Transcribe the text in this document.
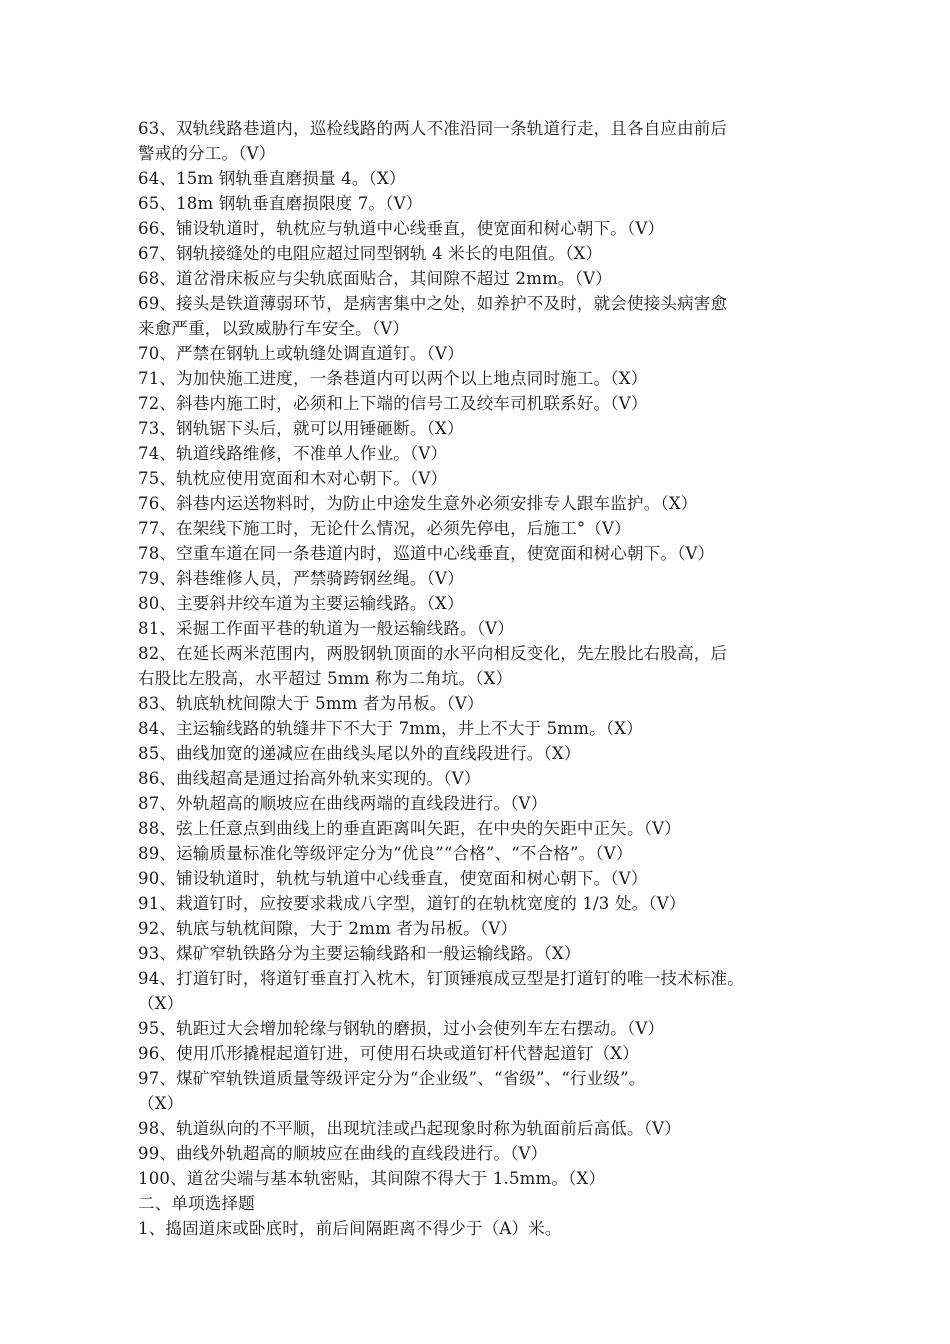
63、双轨线路巷道内，巡检线路的两人不准沿同一条轨道行走，且各自应由前后
警戒的分工。（V）
64、15m 钢轨垂直磨损量 4。（X）
65、18m 钢轨垂直磨损限度 7。（V）
66、铺设轨道时，轨枕应与轨道中心线垂直，使宽面和树心朝下。（V）
67、钢轨接缝处的电阻应超过同型钢轨 4 米长的电阻值。（X）
68、道岔滑床板应与尖轨底面贴合，其间隙不超过 2mm。（V）
69、接头是铁道薄弱环节，是病害集中之处，如养护不及时，就会使接头病害愈
来愈严重，以致威胁行车安全。（V）
70、严禁在钢轨上或轨缝处调直道钉。（V）
71、为加快施工进度，一条巷道内可以两个以上地点同时施工。（X）
72、斜巷内施工时，必须和上下端的信号工及绞车司机联系好。（V）
73、钢轨锯下头后，就可以用锤砸断。（X）
74、轨道线路维修，不准单人作业。（V）
75、轨枕应使用宽面和木对心朝下。（V）
76、斜巷内运送物料时，为防止中途发生意外必须安排专人跟车监护。（X）
77、在架线下施工时，无论什么情况，必须先停电，后施工°（V）
78、空重车道在同一条巷道内时，巡道中心线垂直，使宽面和树心朝下。（V）
79、斜巷维修人员，严禁骑跨钢丝绳。（V）
80、主要斜井绞车道为主要运输线路。（X）
81、采掘工作面平巷的轨道为一般运输线路。（V）
82、在延长两米范围内，两股钢轨顶面的水平向相反变化，先左股比右股高，后
右股比左股高，水平超过 5mm 称为二角坑。（X）
83、轨底轨枕间隙大于 5mm 者为吊板。（V）
84、主运输线路的轨缝井下不大于 7mm，井上不大于 5mm。（X）
85、曲线加宽的递减应在曲线头尾以外的直线段进行。（X）
86、曲线超高是通过抬高外轨来实现的。（V）
87、外轨超高的顺坡应在曲线两端的直线段进行。（V）
88、弦上任意点到曲线上的垂直距离叫矢距，在中央的矢距中正矢。（V）
89、运输质量标准化等级评定分为“优良”“合格”、“不合格”。（V）
90、铺设轨道时，轨枕与轨道中心线垂直，使宽面和树心朝下。（V）
91、栽道钉时，应按要求栽成八字型，道钉的在轨枕宽度的 1/3 处。（V）
92、轨底与轨枕间隙，大于 2mm 者为吊板。（V）
93、煤矿窄轨铁路分为主要运输线路和一般运输线路。（X）
94、打道钉时，将道钉垂直打入枕木，钉顶锤痕成豆型是打道钉的唯一技术标准。
（X）
95、轨距过大会增加轮缘与钢轨的磨损，过小会使列车左右摆动。（V）
96、使用爪形撬棍起道钉进，可使用石块或道钉杆代替起道钉（X）
97、煤矿窄轨铁道质量等级评定分为“企业级”、“省级”、“行业级”。
（X）
98、轨道纵向的不平顺，出现坑洼或凸起现象时称为轨面前后高低。（V）
99、曲线外轨超高的顺坡应在曲线的直线段进行。（V）
100、道岔尖端与基本轨密贴，其间隙不得大于 1.5mm。（X）
二、单项选择题
1、捣固道床或卧底时，前后间隔距离不得少于（A）米。
